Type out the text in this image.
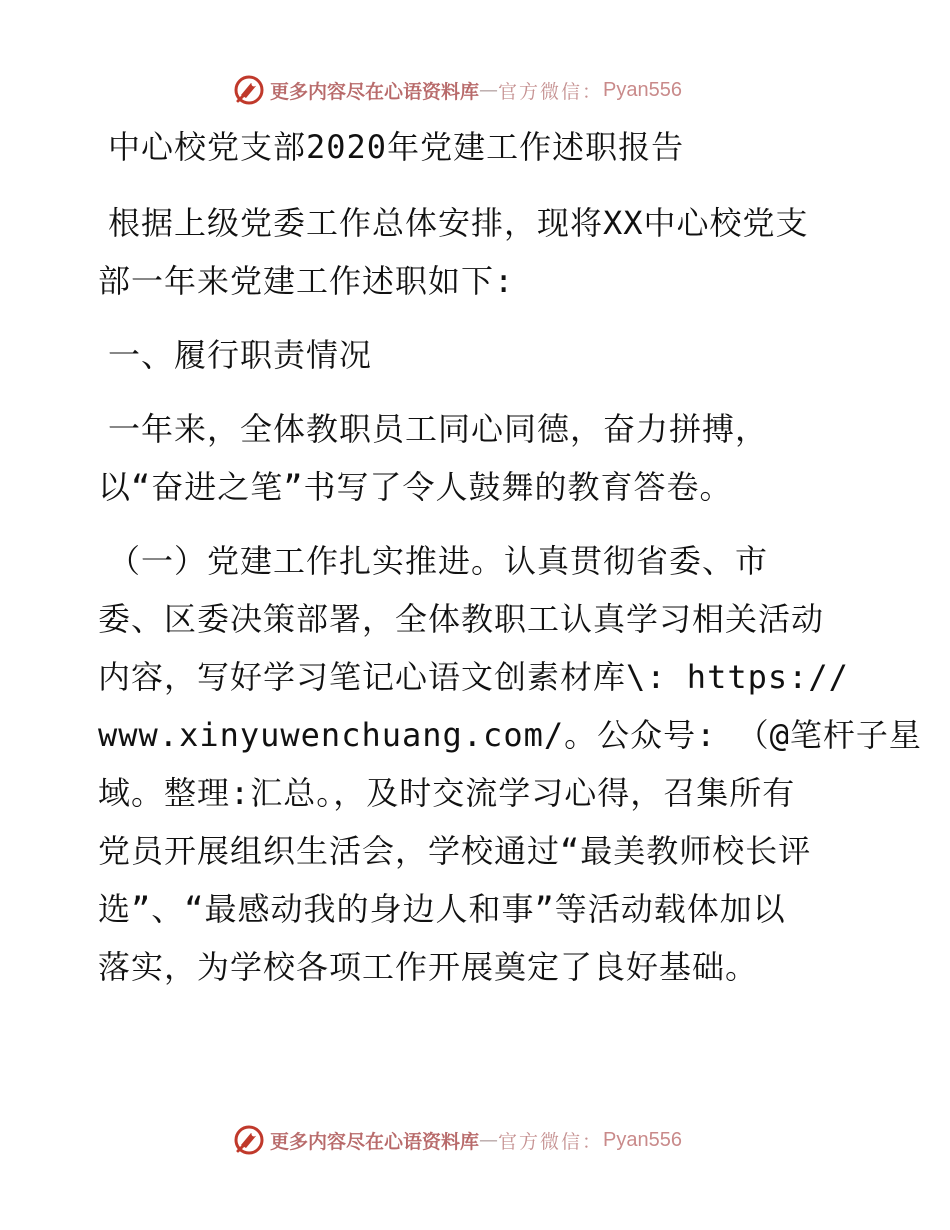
更多内容尽在心语资料库 — 官方微信： Pyan556
中心校党支部2020年党建工作述职报告
根据上级党委工作总体安排，现将XX中心校党支
部一年来党建工作述职如下:
一、履行职责情况
一年来，全体教职员工同心同德，奋力拼搏，
以“奋进之笔”书写了令人鼓舞的教育答卷。
（一）党建工作扎实推进。认真贯彻省委、市
委、区委决策部署，全体教职工认真学习相关活动
内容，写好学习笔记心语文创素材库\: https://
www.xinyuwenchuang.com/。公众号: （@笔杆子星
域。整理:汇总。，及时交流学习心得，召集所有
党员开展组织生活会，学校通过“最美教师校长评
选”、“最感动我的身边人和事”等活动载体加以
落实，为学校各项工作开展奠定了良好基础。
更多内容尽在心语资料库 — 官方微信： Pyan556
